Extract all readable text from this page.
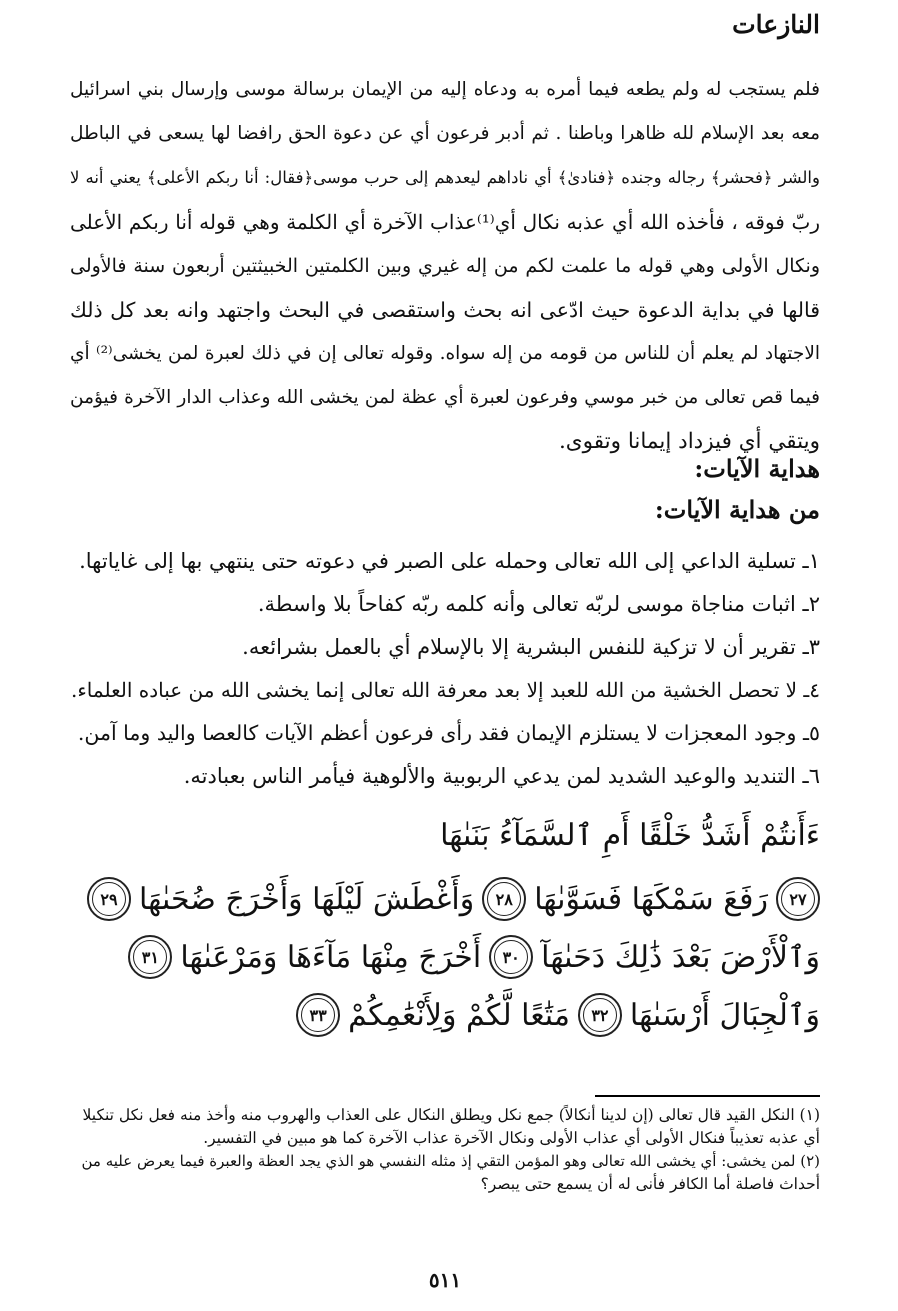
النازعات
فلم يستجب له ولم يطعه فيما أمره به ودعاه إليه من الإيمان برسالة موسى وإرسال بني اسرائيل
معه بعد الإسلام لله ظاهرا وباطنا . ثم أدبر فرعون أي عن دعوة الحق رافضا لها يسعى في الباطل
والشر ﴿فحشر﴾ رجاله وجنده ﴿فنادىٰ﴾ أي ناداهم ليعدهم إلى حرب موسى﴿فقال: أنا ربكم الأعلى﴾ يعني أنه لا
ربّ فوقه ، فأخذه الله أي عذبه نكال أي⁽¹⁾عذاب الآخرة أي الكلمة وهي قوله أنا ربكم الأعلى
ونكال الأولى وهي قوله ما علمت لكم من إله غيري وبين الكلمتين الخبيثتين أربعون سنة فالأولى
قالها في بداية الدعوة حيث ادّعى انه بحث واستقصى في البحث واجتهد وانه بعد كل ذلك
الاجتهاد لم يعلم أن للناس من قومه من إله سواه. وقوله تعالى إن في ذلك لعبرة لمن يخشى⁽²⁾ أي
فيما قص تعالى من خبر موسي وفرعون لعبرة أي عظة لمن يخشى الله وعذاب الدار الآخرة فيؤمن
ويتقي أي فيزداد إيمانا وتقوى.
هداية الآيات:
من هداية الآيات:
١ـ تسلية الداعي إلى الله تعالى وحمله على الصبر في دعوته حتى ينتهي بها إلى غاياتها.
٢ـ اثبات مناجاة موسى لربّه تعالى وأنه كلمه ربّه كفاحاً بلا واسطة.
٣ـ تقرير أن لا تزكية للنفس البشرية إلا بالإسلام أي بالعمل بشرائعه.
٤ـ لا تحصل الخشية من الله للعبد إلا بعد معرفة الله تعالى إنما يخشى الله من عباده العلماء.
٥ـ وجود المعجزات لا يستلزم الإيمان فقد رأى فرعون أعظم الآيات كالعصا واليد وما آمن.
٦ـ التنديد والوعيد الشديد لمن يدعي الربوبية والألوهية فيأمر الناس بعبادته.
ءَأَنتُمْ أَشَدُّ خَلْقًا أَمِ ٱلسَّمَآءُ بَنَىٰهَا
٢٧
رَفَعَ سَمْكَهَا فَسَوَّىٰهَا
٢٨
وَأَغْطَشَ لَيْلَهَا وَأَخْرَجَ ضُحَىٰهَا
٢٩
وَٱلْأَرْضَ بَعْدَ ذَٰلِكَ دَحَىٰهَآ
٣٠
أَخْرَجَ مِنْهَا مَآءَهَا وَمَرْعَىٰهَا
٣١
وَٱلْجِبَالَ أَرْسَىٰهَا
٣٢
مَتَٰعًا لَّكُمْ وَلِأَنْعَٰمِكُمْ
٣٣
(١) النكل القيد قال تعالى (إن لدينا أنكالاً) جمع نكل ويطلق النكال على العذاب والهروب منه وأخذ منه فعل نكل تنكيلا
أي عذبه تعذيباً فنكال الأولى أي عذاب الأولى ونكال الآخرة عذاب الآخرة كما هو مبين في التفسير.
(٢) لمن يخشى: أي يخشى الله تعالى وهو المؤمن التقي إذ مثله النفسي هو الذي يجد العظة والعبرة فيما يعرض عليه من
أحداث فاصلة أما الكافر فأنى له أن يسمع حتى يبصر؟
٥١١
